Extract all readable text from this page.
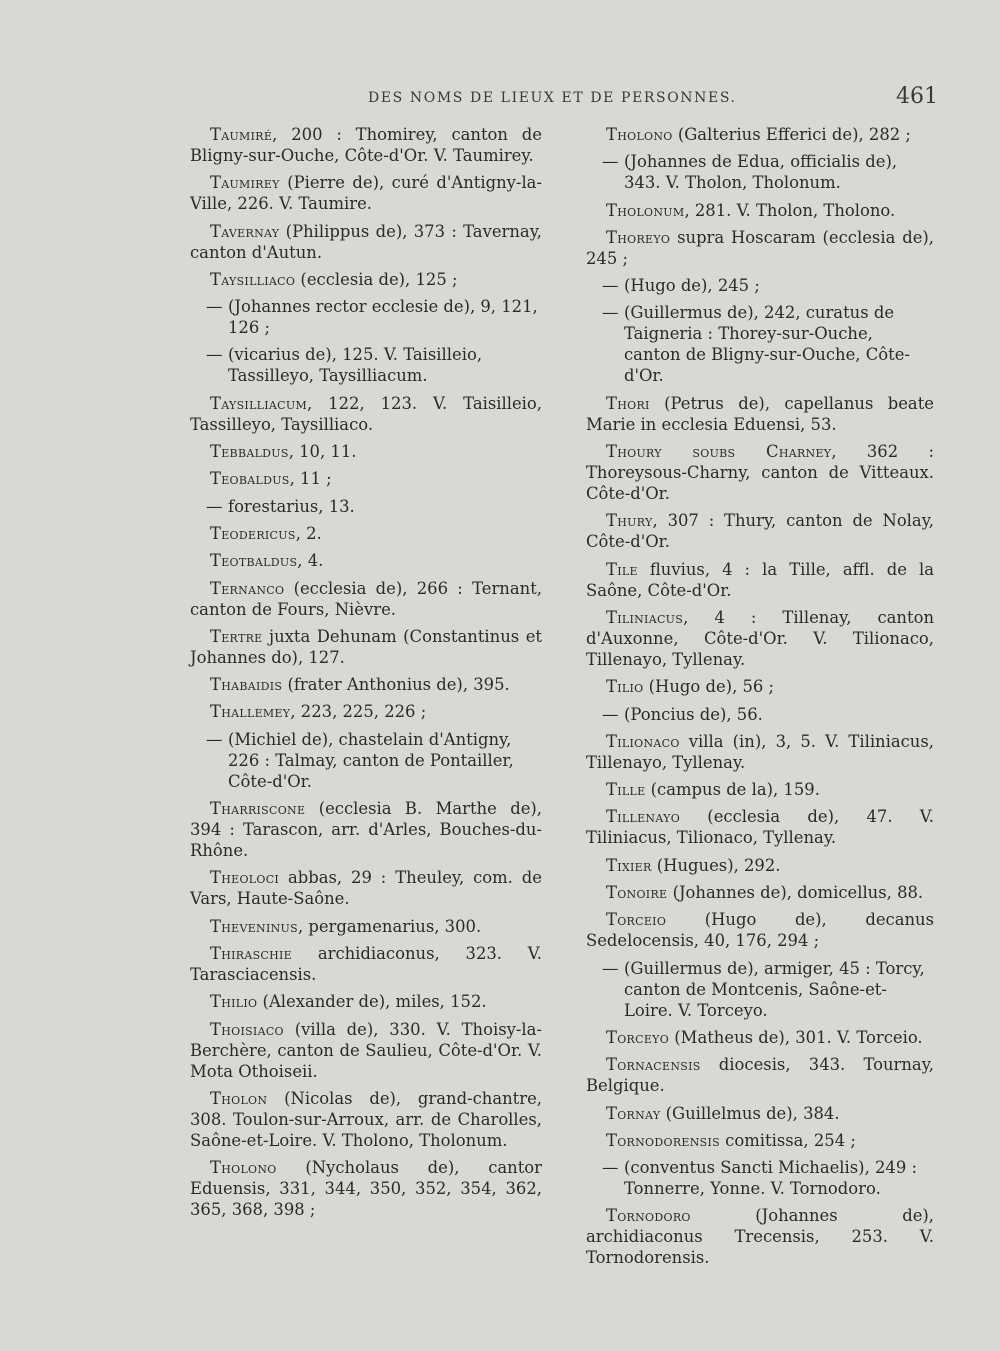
DES NOMS DE LIEUX ET DE PERSONNES.	461

Taumiré, 200 : Thomirey, canton de Bligny-sur-Ouche, Côte-d'Or. V. Taumirey.

Taumirey (Pierre de), curé d'Antigny-la-Ville, 226. V. Taumire.

Tavernay (Philippus de), 373 : Tavernay, canton d'Autun.

Taysilliaco (ecclesia de), 125 ;

— (Johannes rector ecclesie de), 9, 121, 126 ;

— (vicarius de), 125. V. Taisilleio, Tassilleyo, Taysilliacum.

Taysilliacum, 122, 123. V. Taisilleio, Tassilleyo, Taysilliaco.

Tebbaldus, 10, 11.

Teobaldus, 11 ;

— forestarius, 13.

Teodericus, 2.

Teotbaldus, 4.

Ternanco (ecclesia de), 266 : Ternant, canton de Fours, Nièvre.

Tertre juxta Dehunam (Constantinus et Johannes do), 127.

Thabaidis (frater Anthonius de), 395.

Thallemey, 223, 225, 226 ;

— (Michiel de), chastelain d'Antigny, 226 : Talmay, canton de Pontailler, Côte-d'Or.

Tharriscone (ecclesia B. Marthe de), 394 : Tarascon, arr. d'Arles, Bouches-du-Rhône.

Theoloci abbas, 29 : Theuley, com. de Vars, Haute-Saône.

Theveninus, pergamenarius, 300.

Thiraschie archidiaconus, 323. V. Tarasciacensis.

Thilio (Alexander de), miles, 152.

Thoisiaco (villa de), 330. V. Thoisy-la-Berchère, canton de Saulieu, Côte-d'Or. V. Mota Othoiseii.

Tholon (Nicolas de), grand-chantre, 308. Toulon-sur-Arroux, arr. de Charolles, Saône-et-Loire. V. Tholono, Tholonum.

Tholono (Nycholaus de), cantor Eduensis, 331, 344, 350, 352, 354, 362, 365, 368, 398 ;

Tholono (Galterius Efferici de), 282 ;

— (Johannes de Edua, officialis de), 343. V. Tholon, Tholonum.

Tholonum, 281. V. Tholon, Tholono.

Thoreyo supra Hoscaram (ecclesia de), 245 ;

— (Hugo de), 245 ;

— (Guillermus de), 242, curatus de Taigneria : Thorey-sur-Ouche, canton de Bligny-sur-Ouche, Côte-d'Or.

Thori (Petrus de), capellanus beate Marie in ecclesia Eduensi, 53.

Thoury soubs Charney, 362 : Thoreysous-Charny, canton de Vitteaux. Côte-d'Or.

Thury, 307 : Thury, canton de Nolay, Côte-d'Or.

Tile fluvius, 4 : la Tille, affl. de la Saône, Côte-d'Or.

Tiliniacus, 4 : Tillenay, canton d'Auxonne, Côte-d'Or. V. Tilionaco, Tillenayo, Tyllenay.

Tilio (Hugo de), 56 ;

— (Poncius de), 56.

Tilionaco villa (in), 3, 5. V. Tiliniacus, Tillenayo, Tyllenay.

Tille (campus de la), 159.

Tillenayo (ecclesia de), 47. V. Tiliniacus, Tilionaco, Tyllenay.

Tixier (Hugues), 292.

Tonoire (Johannes de), domicellus, 88.

Torceio (Hugo de), decanus Sedelocensis, 40, 176, 294 ;

— (Guillermus de), armiger, 45 : Torcy, canton de Montcenis, Saône-et-Loire. V. Torceyo.

Torceyo (Matheus de), 301. V. Torceio.

Tornacensis diocesis, 343. Tournay, Belgique.

Tornay (Guillelmus de), 384.

Tornodorensis comitissa, 254 ;

— (conventus Sancti Michaelis), 249 : Tonnerre, Yonne. V. Tornodoro.

Tornodoro (Johannes de), archidiaconus Trecensis, 253. V. Tornodorensis.
